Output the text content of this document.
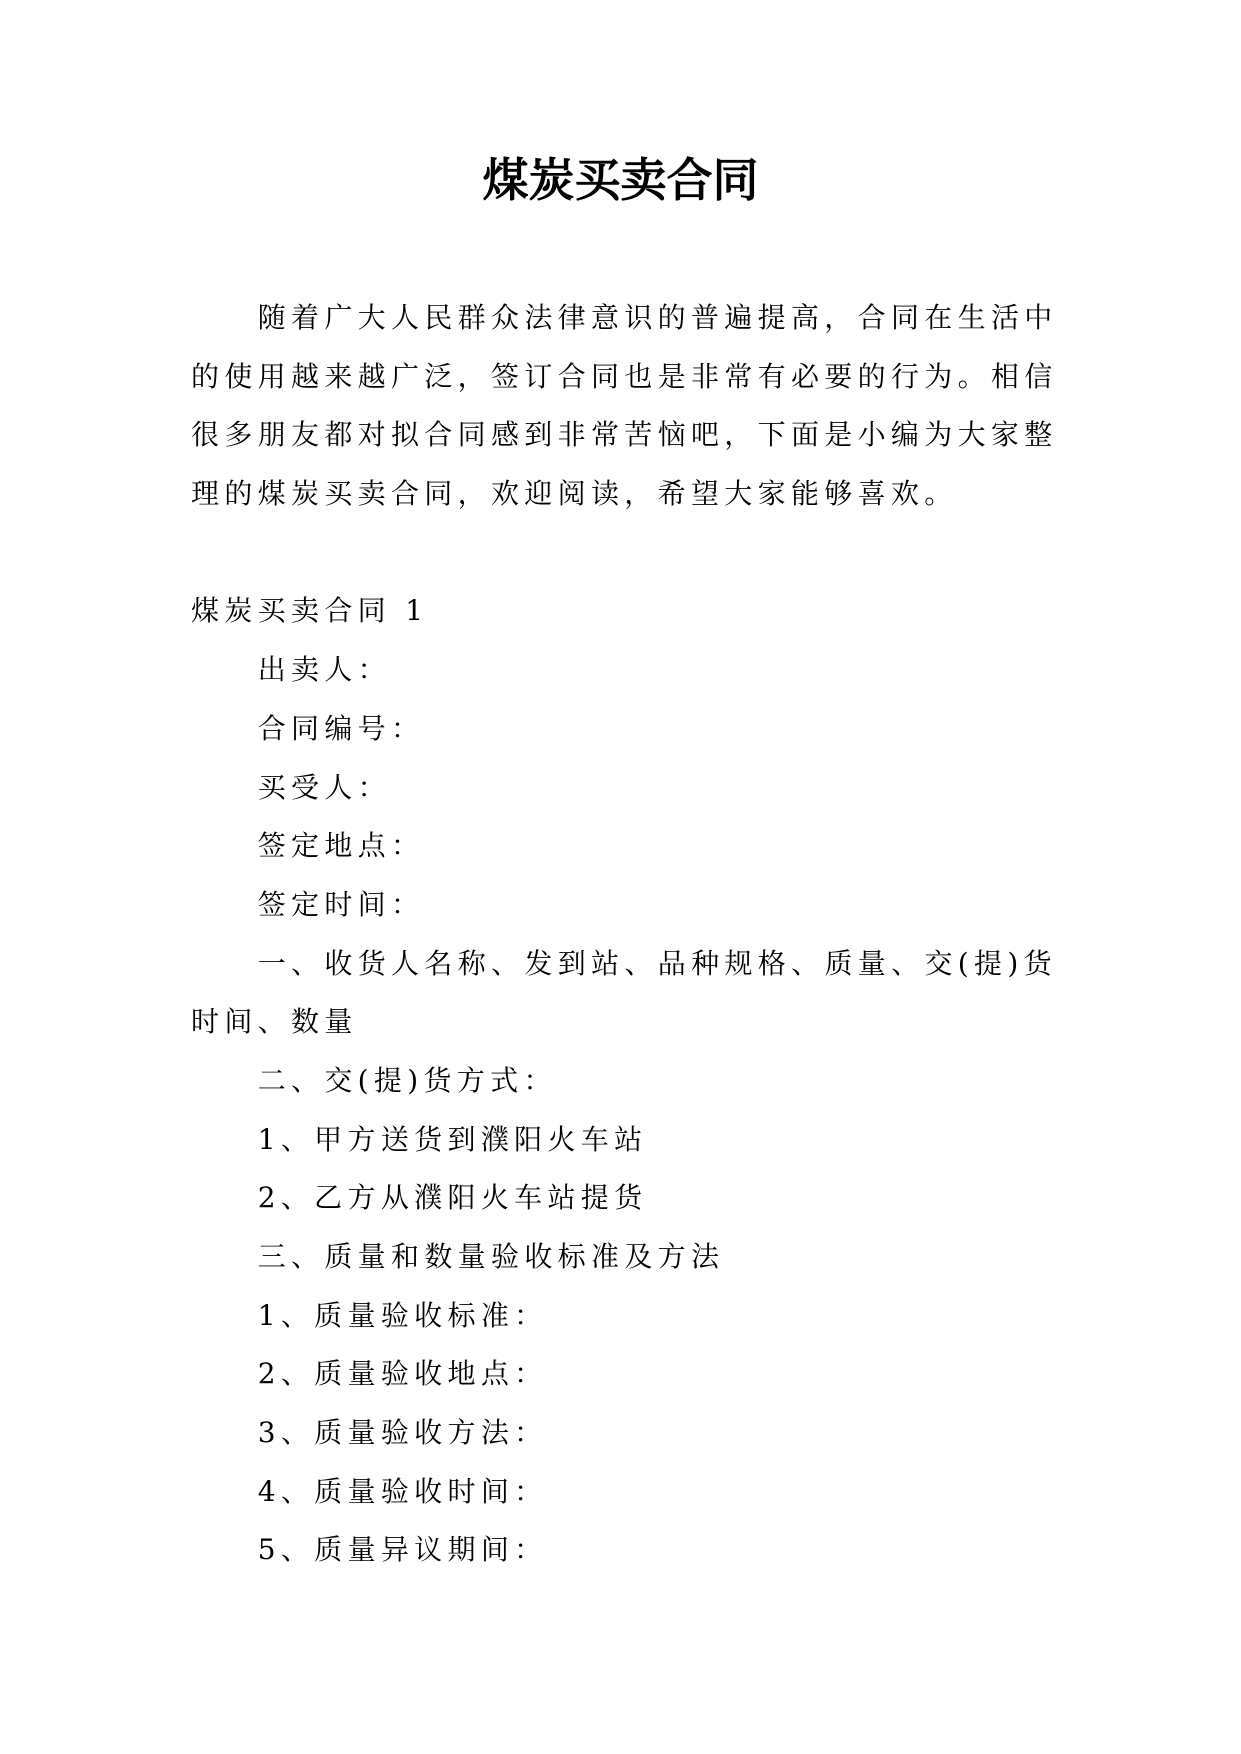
煤炭买卖合同
随着广大人民群众法律意识的普遍提高，合同在生活中
的使用越来越广泛，签订合同也是非常有必要的行为。相信
很多朋友都对拟合同感到非常苦恼吧，下面是小编为大家整
理的煤炭买卖合同，欢迎阅读，希望大家能够喜欢。
煤炭买卖合同 1
出卖人：
合同编号：
买受人：
签定地点：
签定时间：
一、收货人名称、发到站、品种规格、质量、交(提)货
时间、数量
二、交(提)货方式：
1、甲方送货到濮阳火车站
2、乙方从濮阳火车站提货
三、质量和数量验收标准及方法
1、质量验收标准：
2、质量验收地点：
3、质量验收方法：
4、质量验收时间：
5、质量异议期间：
